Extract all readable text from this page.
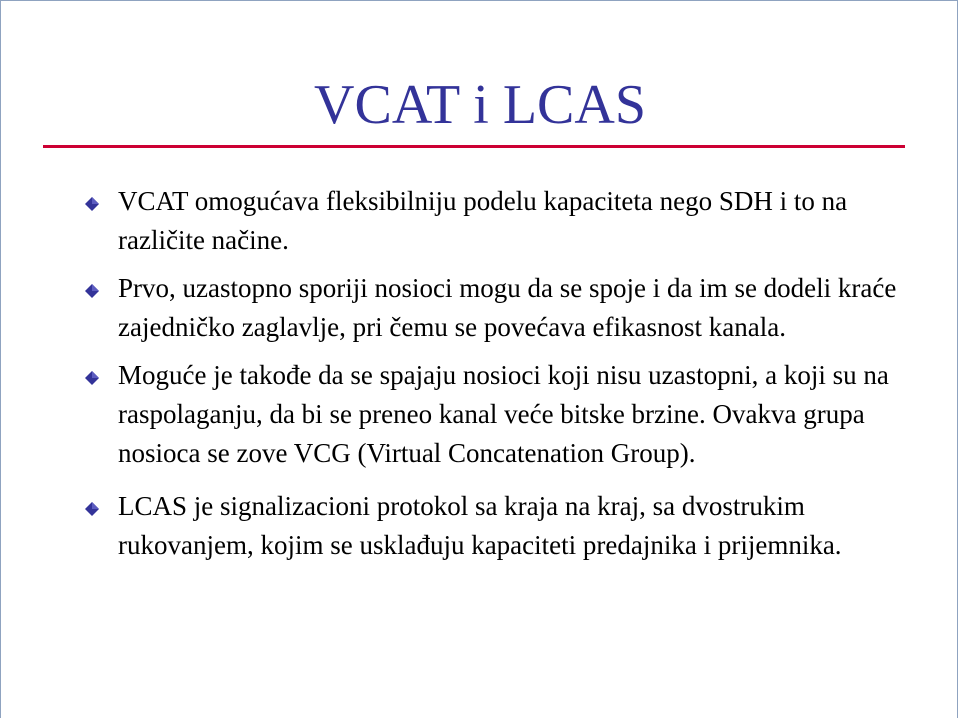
VCAT i LCAS
VCAT omogućava fleksibilniju podelu kapaciteta nego SDH i to na različite načine.
Prvo, uzastopno sporiji nosioci mogu da se spoje i da im se dodeli kraće zajedničko zaglavlje, pri čemu se povećava efikasnost kanala.
Moguće je takođe da se spajaju nosioci koji nisu uzastopni, a koji su na raspolaganju, da bi se preneo kanal veće bitske brzine. Ovakva grupa nosioca se zove VCG (Virtual Concatenation Group).
LCAS je signalizacioni protokol sa kraja na kraj, sa dvostrukim rukovanjem, kojim se usklađuju kapaciteti predajnika i prijemnika.
